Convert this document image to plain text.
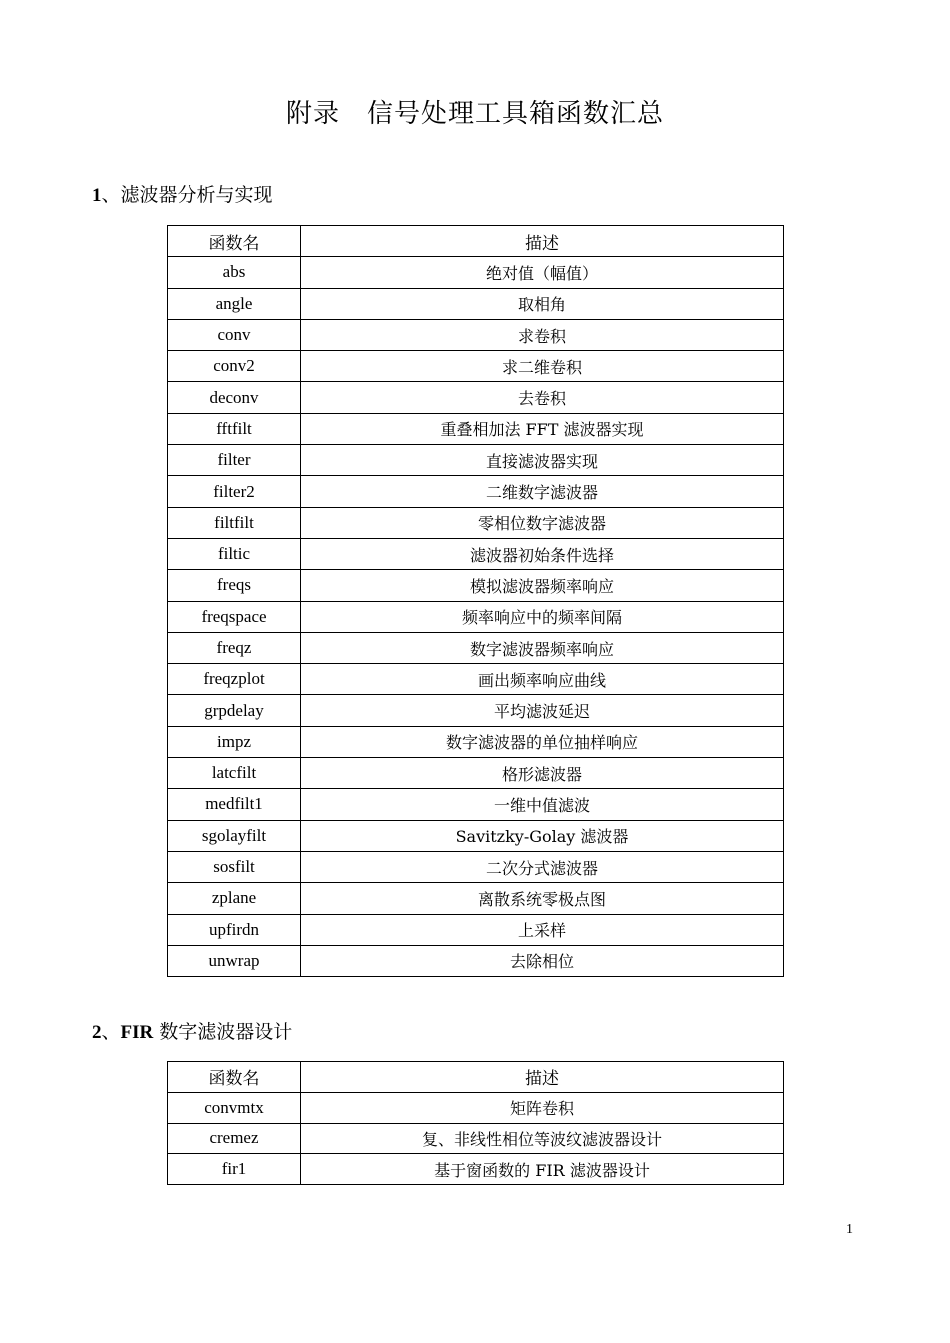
附录　信号处理工具箱函数汇总
1、滤波器分析与实现
函数名	描述
abs	绝对值（幅值）
angle	取相角
conv	求卷积
conv2	求二维卷积
deconv	去卷积
fftfilt	重叠相加法 FFT 滤波器实现
filter	直接滤波器实现
filter2	二维数字滤波器
filtfilt	零相位数字滤波器
filtic	滤波器初始条件选择
freqs	模拟滤波器频率响应
freqspace	频率响应中的频率间隔
freqz	数字滤波器频率响应
freqzplot	画出频率响应曲线
grpdelay	平均滤波延迟
impz	数字滤波器的单位抽样响应
latcfilt	格形滤波器
medfilt1	一维中值滤波
sgolayfilt	Savitzky-Golay 滤波器
sosfilt	二次分式滤波器
zplane	离散系统零极点图
upfirdn	上采样
unwrap	去除相位
2、FIR 数字滤波器设计
函数名	描述
convmtx	矩阵卷积
cremez	复、非线性相位等波纹滤波器设计
fir1	基于窗函数的 FIR 滤波器设计
1
